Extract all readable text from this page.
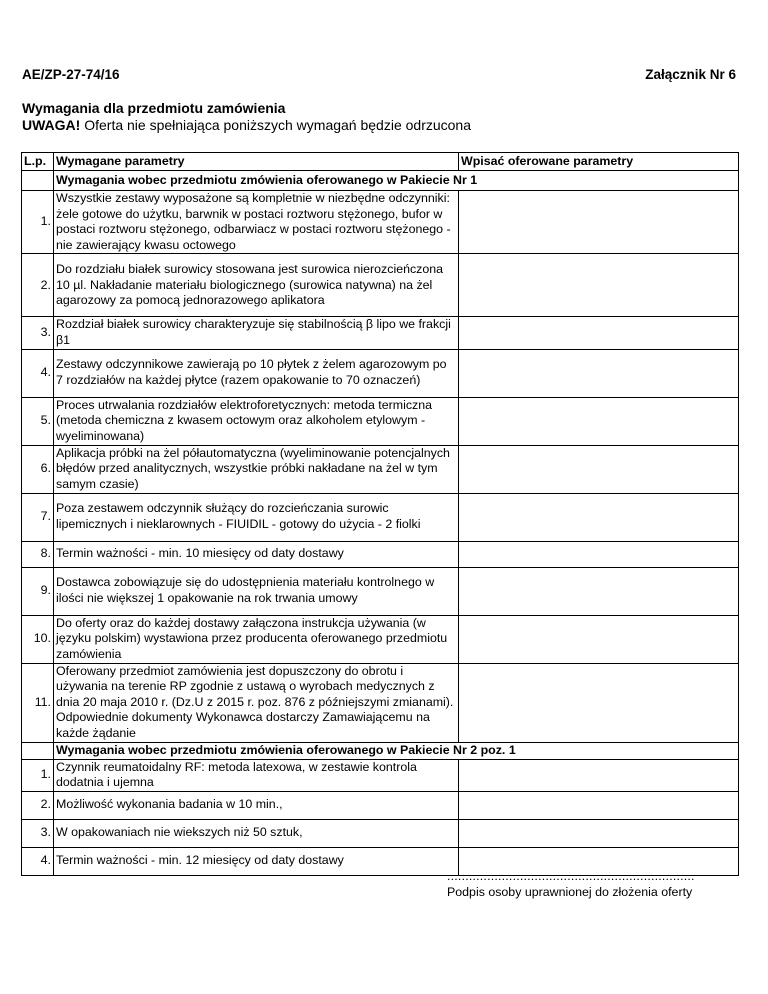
AE/ZP-27-74/16	Załącznik Nr 6
Wymagania dla przedmiotu zamówienia
UWAGA! Oferta nie spełniająca poniższych wymagań będzie odrzucona
L.p.	Wymagane parametry	Wpisać oferowane parametry
	Wymagania wobec przedmiotu zmówienia oferowanego w Pakiecie Nr 1	
1.	Wszystkie zestawy wyposażone są kompletnie w niezbędne odczynniki: żele gotowe do użytku, barwnik w postaci roztworu stężonego, bufor w postaci roztworu stężonego, odbarwiacz w postaci roztworu stężonego - nie zawierający kwasu octowego	
2.	Do rozdziału białek surowicy stosowana jest surowica nierozcieńczona 10 µl. Nakładanie materiału biologicznego (surowica natywna) na żel agarozowy za pomocą jednorazowego aplikatora	
3.	Rozdział białek surowicy charakteryzuje się stabilnością β lipo we frakcji β1	
4.	Zestawy odczynnikowe zawierają po 10 płytek z żelem agarozowym po 7 rozdziałów na każdej płytce (razem opakowanie to 70 oznaczeń)	
5.	Proces utrwalania rozdziałów elektroforetycznych: metoda termiczna (metoda chemiczna z kwasem octowym oraz alkoholem etylowym - wyeliminowana)	
6.	Aplikacja próbki na żel półautomatyczna (wyeliminowanie potencjalnych błędów przed analitycznych, wszystkie próbki nakładane na żel w tym samym czasie)	
7.	Poza zestawem odczynnik służący do rozcieńczania surowic lipemicznych i nieklarownych - FIUIDIL - gotowy do użycia - 2 fiolki	
8.	Termin ważności - min. 10 miesięcy od daty dostawy	
9.	Dostawca zobowiązuje się do udostępnienia materiału kontrolnego w ilości nie większej 1 opakowanie na rok trwania umowy	
10.	Do oferty oraz do każdej dostawy załączona instrukcja używania (w języku polskim) wystawiona przez producenta oferowanego przedmiotu zamówienia	
11.	Oferowany przedmiot zamówienia jest dopuszczony do obrotu i używania na terenie RP zgodnie z ustawą o wyrobach medycznych z dnia 20 maja 2010 r. (Dz.U z 2015 r. poz. 876 z późniejszymi zmianami). Odpowiednie dokumenty Wykonawca dostarczy Zamawiającemu na każde żądanie	
	Wymagania wobec przedmiotu zmówienia oferowanego w Pakiecie Nr 2 poz. 1	
1.	Czynnik reumatoidalny RF: metoda latexowa, w zestawie kontrola dodatnia i ujemna	
2.	Możliwość wykonania badania w 10 min.,	
3.	W opakowaniach nie wiekszych niż 50 sztuk,	
4.	Termin ważności - min. 12 miesięcy od daty dostawy	
....................................................................
Podpis osoby uprawnionej do złożenia oferty
